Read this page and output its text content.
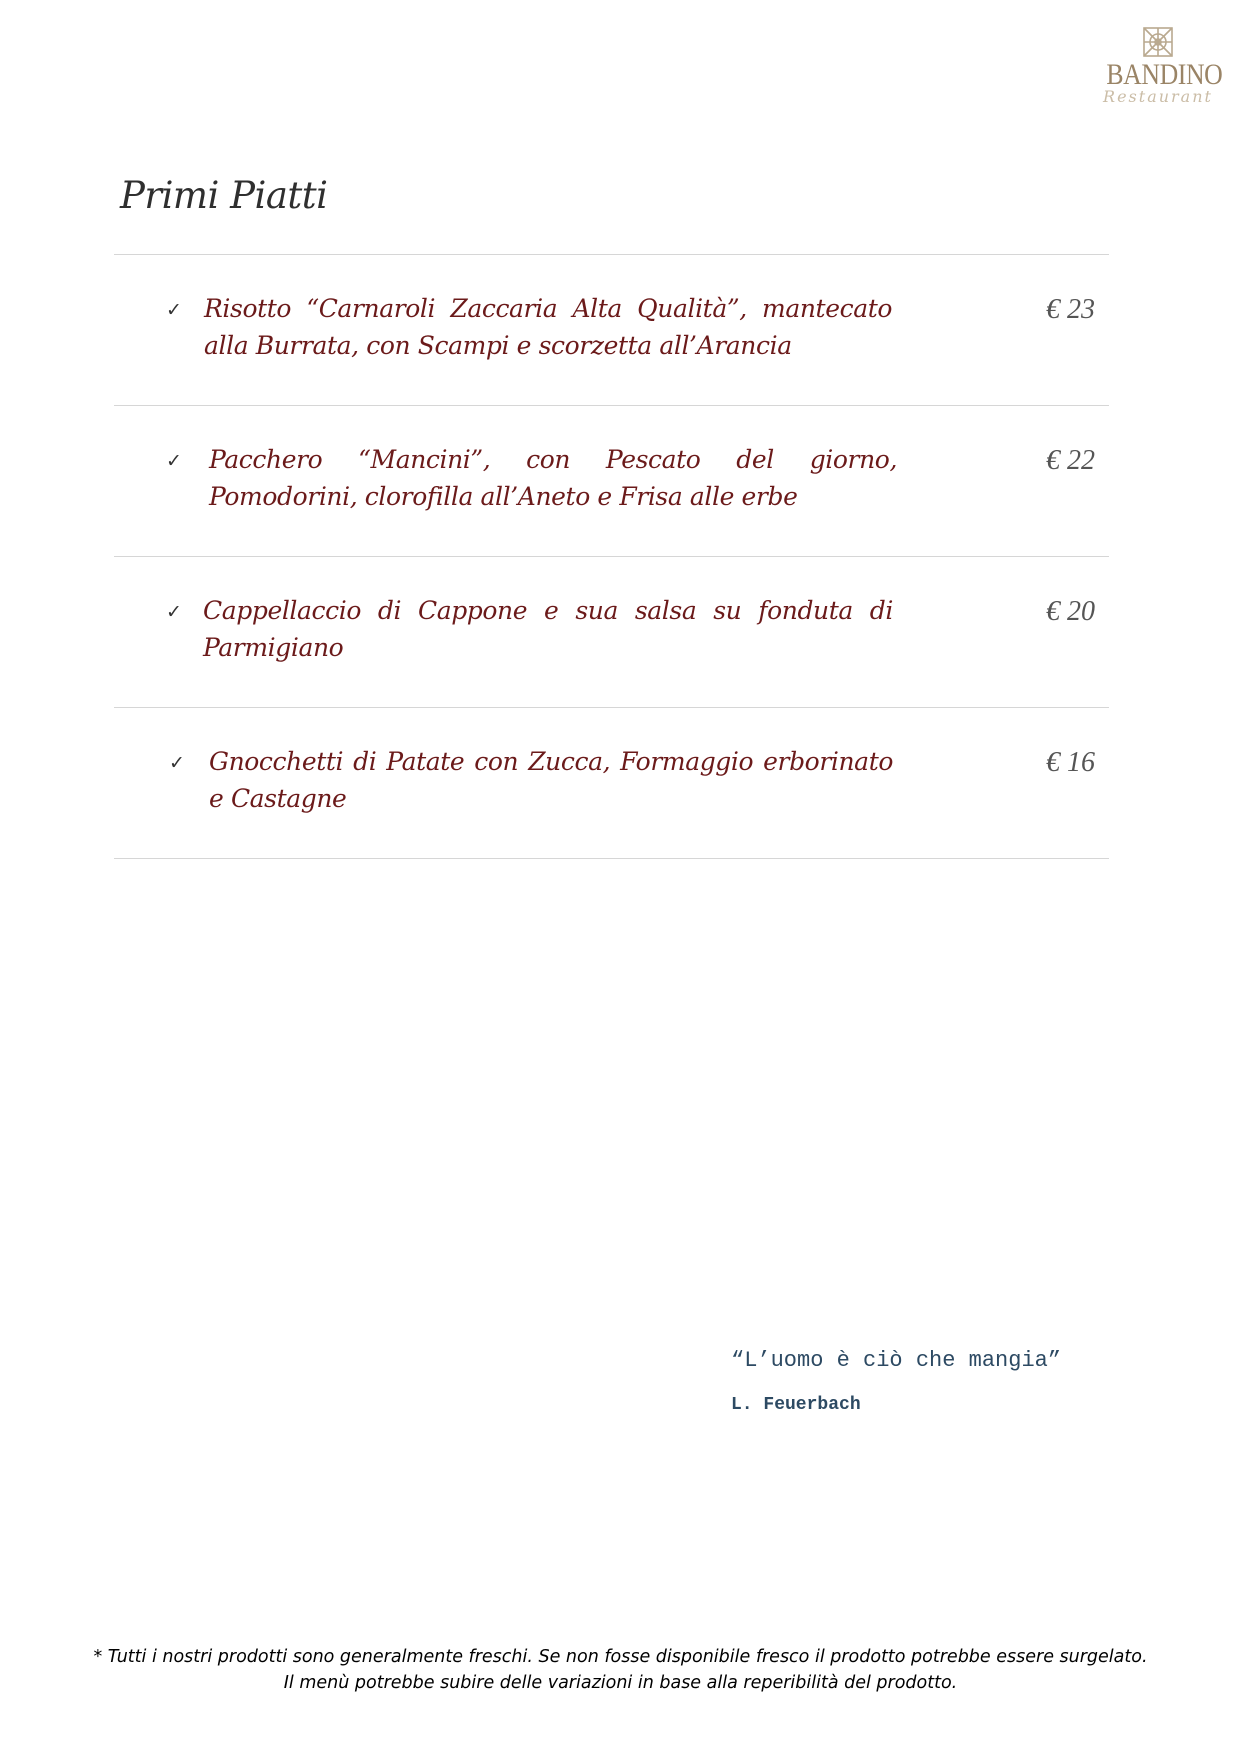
BANDINO
Restaurant
Primi Piatti
✓ Risotto “Carnaroli Zaccaria Alta Qualità”, mantecato alla Burrata, con Scampi e scorzetta all’Arancia
€ 23
✓ Pacchero “Mancini”, con Pescato del giorno, Pomodorini, clorofilla all’Aneto e Frisa alle erbe
€ 22
✓ Cappellaccio di Cappone e sua salsa su fonduta di Parmigiano
€ 20
✓ Gnocchetti di Patate con Zucca, Formaggio erborinato e Castagne
€ 16
“L’uomo è ciò che mangia”
L. Feuerbach
* Tutti i nostri prodotti sono generalmente freschi. Se non fosse disponibile fresco il prodotto potrebbe essere surgelato.
Il menù potrebbe subire delle variazioni in base alla reperibilità del prodotto.
